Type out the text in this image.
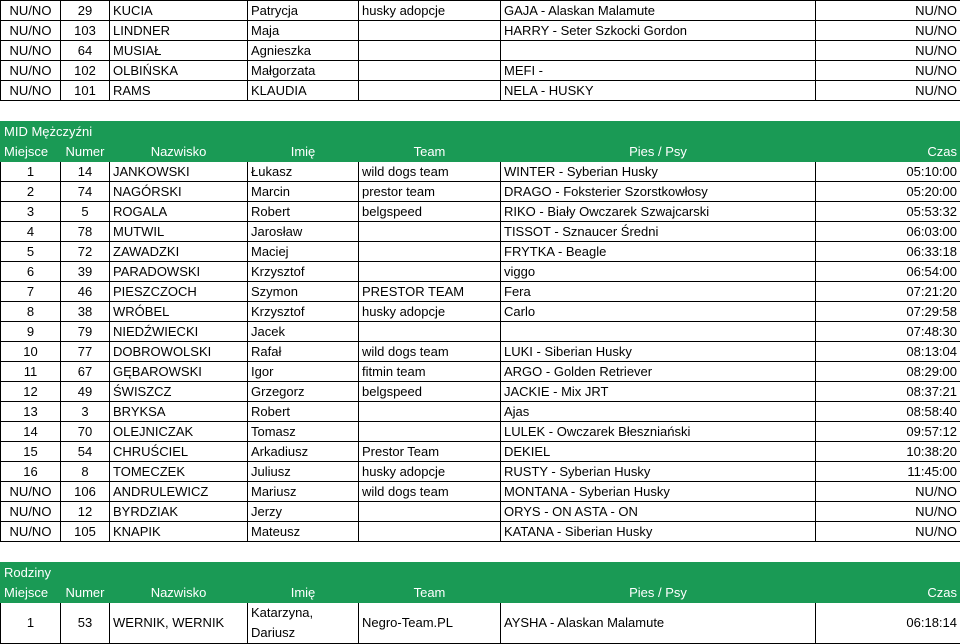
NU/NO	29	KUCIA	Patrycja	husky adopcje	GAJA - Alaskan Malamute	NU/NO
NU/NO	103	LINDNER	Maja		HARRY - Seter Szkocki Gordon	NU/NO
NU/NO	64	MUSIAŁ	Agnieszka			NU/NO
NU/NO	102	OLBIŃSKA	Małgorzata		MEFI -	NU/NO
NU/NO	101	RAMS	KLAUDIA		NELA - HUSKY	NU/NO

MID Mężczyźni						
Miejsce	Numer	Nazwisko	Imię	Team	Pies / Psy	Czas
1	14	JANKOWSKI	Łukasz	wild dogs team	WINTER - Syberian Husky	05:10:00
2	74	NAGÓRSKI	Marcin	prestor team	DRAGO - Foksterier Szorstkowłosy	05:20:00
3	5	ROGALA	Robert	belgspeed	RIKO - Biały Owczarek Szwajcarski	05:53:32
4	78	MUTWIL	Jarosław		TISSOT - Sznaucer Średni	06:03:00
5	72	ZAWADZKI	Maciej		FRYTKA - Beagle	06:33:18
6	39	PARADOWSKI	Krzysztof		viggo	06:54:00
7	46	PIESZCZOCH	Szymon	PRESTOR TEAM	Fera	07:21:20
8	38	WRÓBEL	Krzysztof	husky adopcje	Carlo	07:29:58
9	79	NIEDŹWIECKI	Jacek			07:48:30
10	77	DOBROWOLSKI	Rafał	wild dogs team	LUKI - Siberian Husky	08:13:04
11	67	GĘBAROWSKI	Igor	fitmin team	ARGO - Golden Retriever	08:29:00
12	49	ŚWISZCZ	Grzegorz	belgspeed	JACKIE - Mix JRT	08:37:21
13	3	BRYKSA	Robert		Ajas	08:58:40
14	70	OLEJNICZAK	Tomasz		LULEK - Owczarek Błeszniański	09:57:12
15	54	CHRUŚCIEL	Arkadiusz	Prestor Team	DEKIEL	10:38:20
16	8	TOMECZEK	Juliusz	husky adopcje	RUSTY - Syberian Husky	11:45:00
NU/NO	106	ANDRULEWICZ	Mariusz	wild dogs team	MONTANA - Syberian Husky	NU/NO
NU/NO	12	BYRDZIAK	Jerzy		ORYS - ON ASTA - ON	NU/NO
NU/NO	105	KNAPIK	Mateusz		KATANA - Siberian Husky	NU/NO

Rodziny						
Miejsce	Numer	Nazwisko	Imię	Team	Pies / Psy	Czas
1	53	WERNIK, WERNIK	Katarzyna, Dariusz	Negro-Team.PL	AYSHA - Alaskan Malamute	06:18:14
